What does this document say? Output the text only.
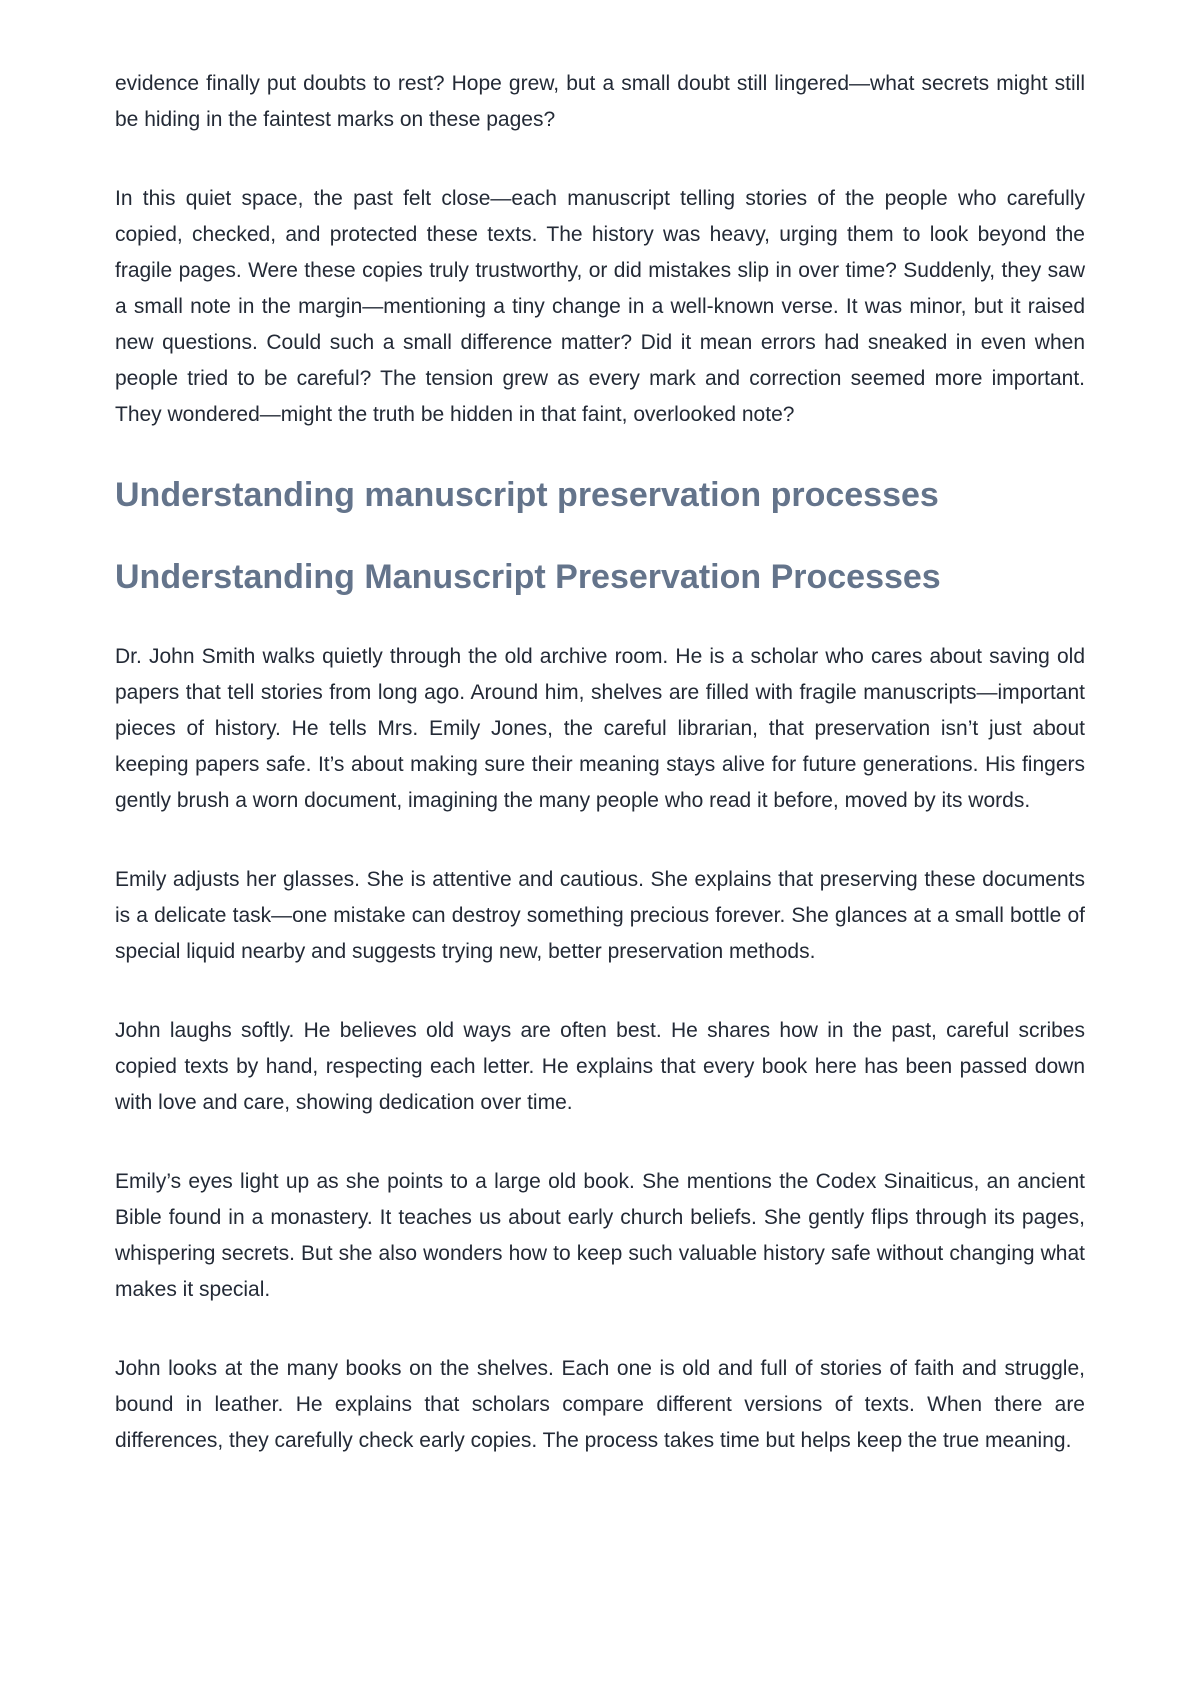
evidence finally put doubts to rest? Hope grew, but a small doubt still lingered—what secrets might still be hiding in the faintest marks on these pages?

In this quiet space, the past felt close—each manuscript telling stories of the people who carefully copied, checked, and protected these texts. The history was heavy, urging them to look beyond the fragile pages. Were these copies truly trustworthy, or did mistakes slip in over time? Suddenly, they saw a small note in the margin—mentioning a tiny change in a well-known verse. It was minor, but it raised new questions. Could such a small difference matter? Did it mean errors had sneaked in even when people tried to be careful? The tension grew as every mark and correction seemed more important. They wondered—might the truth be hidden in that faint, overlooked note?

Understanding manuscript preservation processes
Understanding Manuscript Preservation Processes

Dr. John Smith walks quietly through the old archive room. He is a scholar who cares about saving old papers that tell stories from long ago. Around him, shelves are filled with fragile manuscripts—important pieces of history. He tells Mrs. Emily Jones, the careful librarian, that preservation isn’t just about keeping papers safe. It’s about making sure their meaning stays alive for future generations. His fingers gently brush a worn document, imagining the many people who read it before, moved by its words.

Emily adjusts her glasses. She is attentive and cautious. She explains that preserving these documents is a delicate task—one mistake can destroy something precious forever. She glances at a small bottle of special liquid nearby and suggests trying new, better preservation methods.

John laughs softly. He believes old ways are often best. He shares how in the past, careful scribes copied texts by hand, respecting each letter. He explains that every book here has been passed down with love and care, showing dedication over time.

Emily’s eyes light up as she points to a large old book. She mentions the Codex Sinaiticus, an ancient Bible found in a monastery. It teaches us about early church beliefs. She gently flips through its pages, whispering secrets. But she also wonders how to keep such valuable history safe without changing what makes it special.

John looks at the many books on the shelves. Each one is old and full of stories of faith and struggle, bound in leather. He explains that scholars compare different versions of texts. When there are differences, they carefully check early copies. The process takes time but helps keep the true meaning.
